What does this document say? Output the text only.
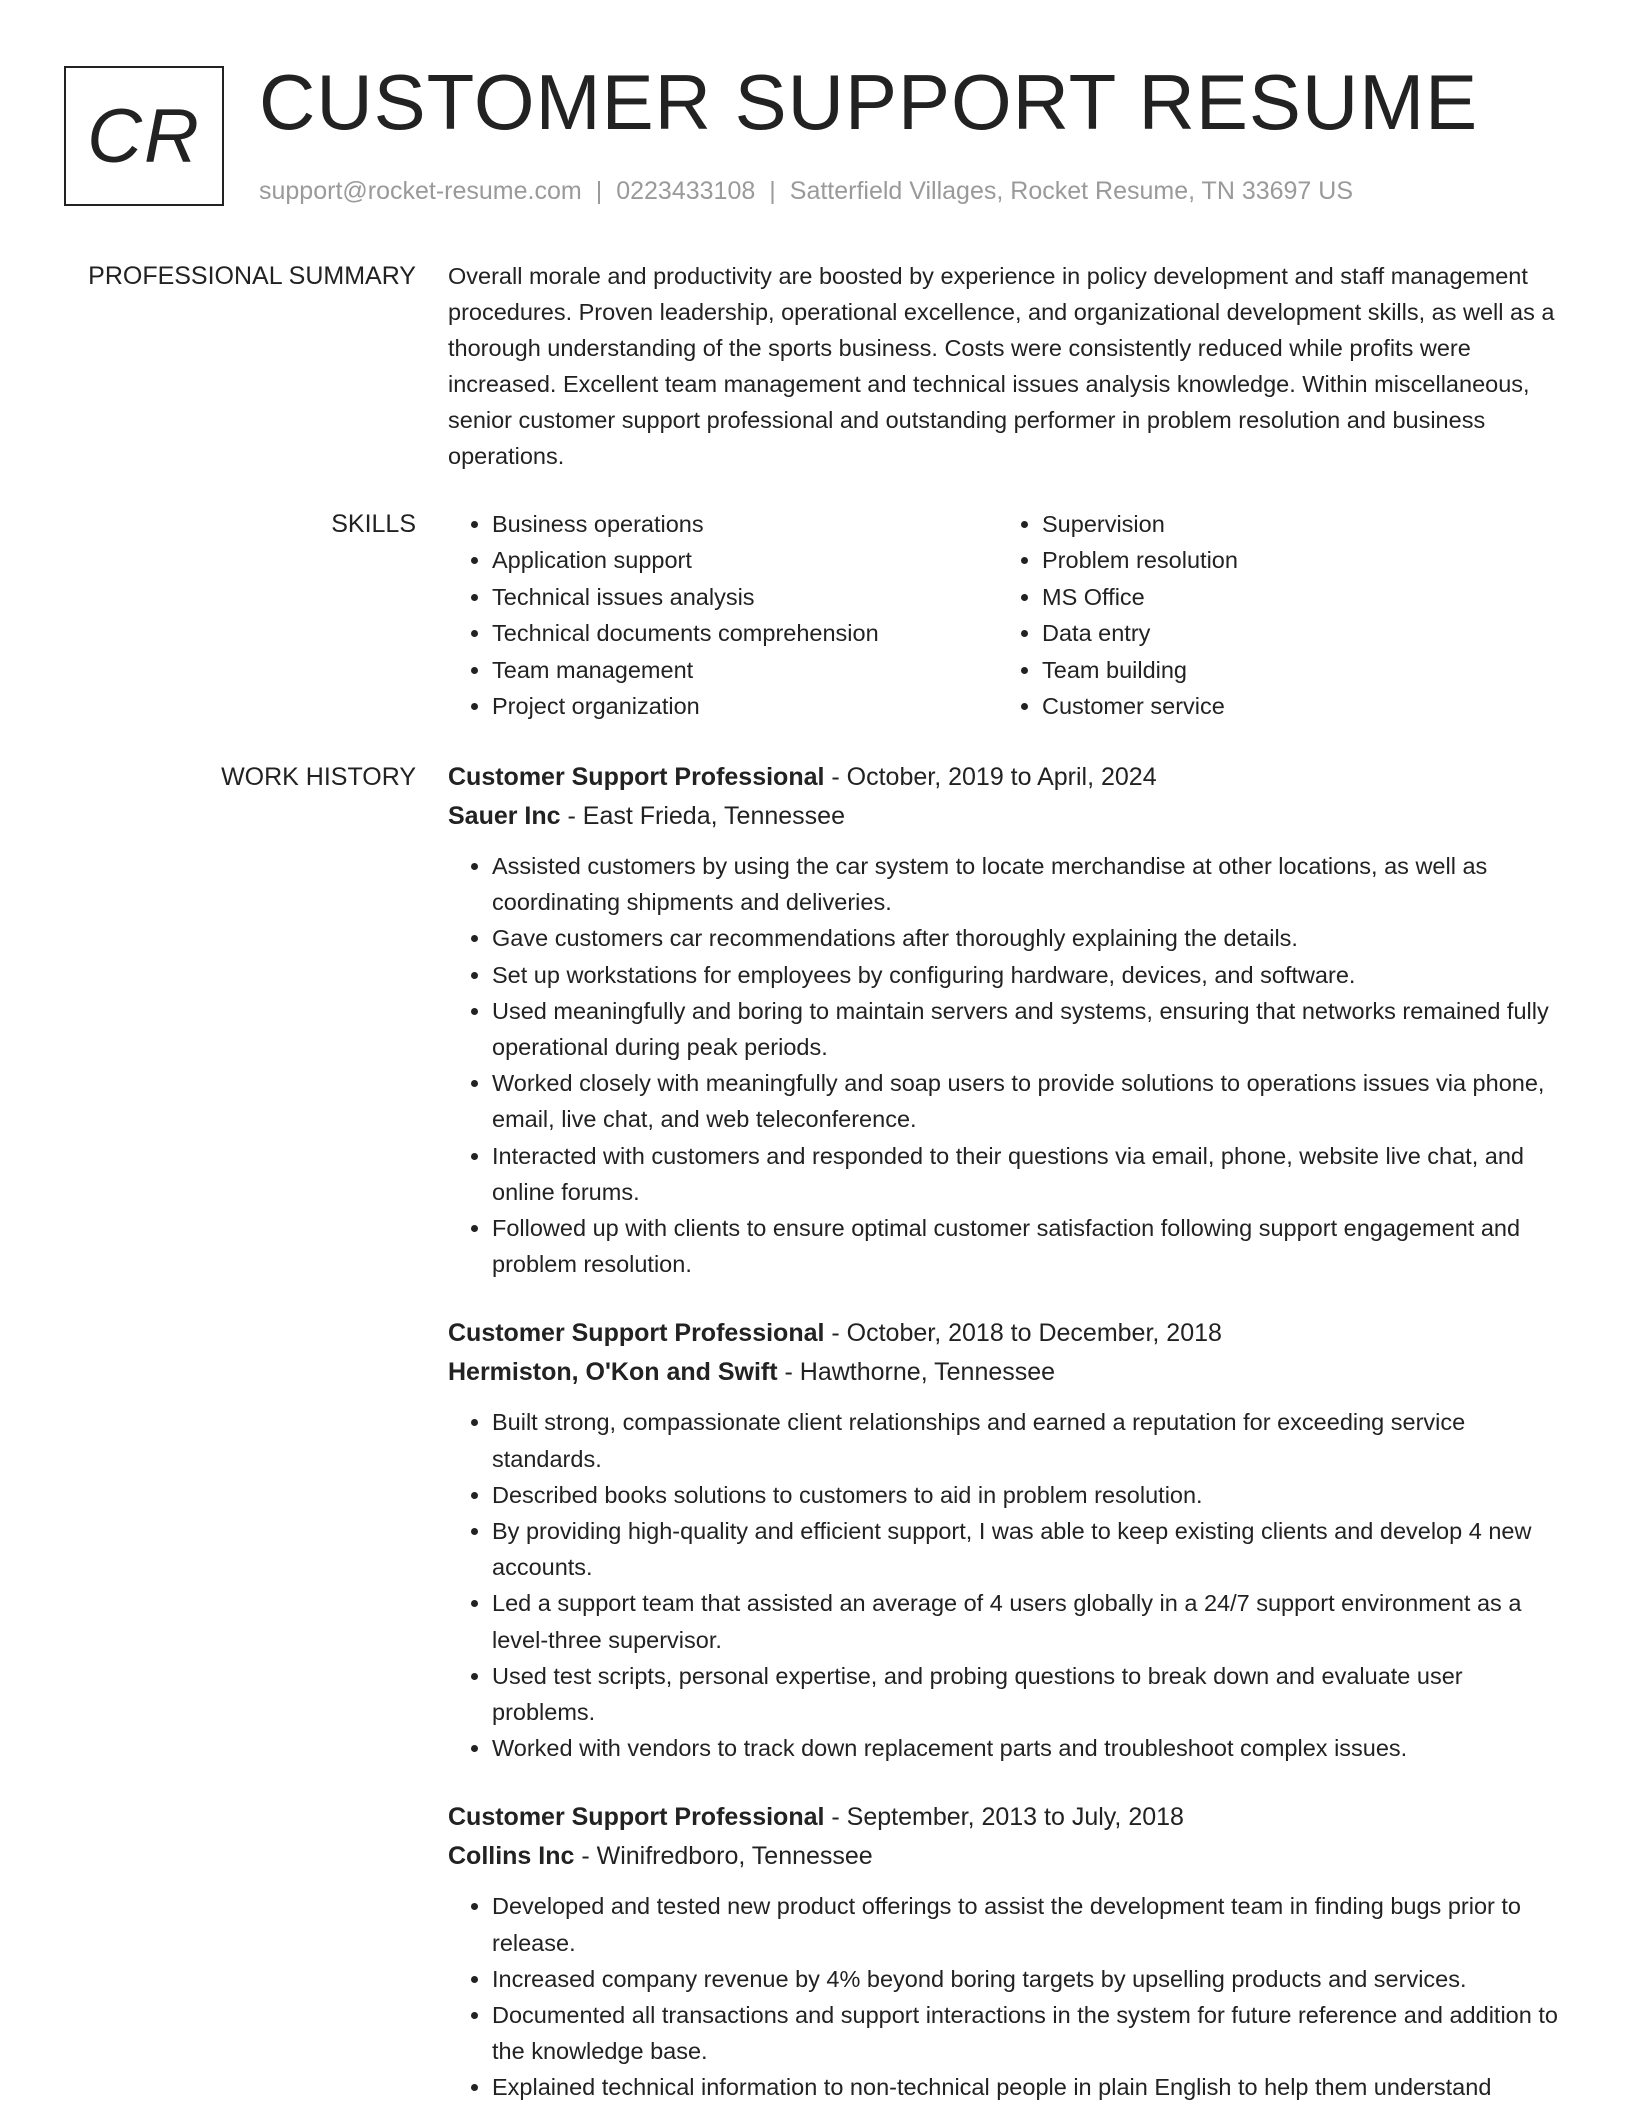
CR CUSTOMER SUPPORT RESUME
support@rocket-resume.com | 0223433108 | Satterfield Villages, Rocket Resume, TN 33697 US
PROFESSIONAL SUMMARY Overall morale and productivity are boosted by experience in policy development and staff management procedures. Proven leadership, operational excellence, and organizational development skills, as well as a thorough understanding of the sports business. Costs were consistently reduced while profits were increased. Excellent team management and technical issues analysis knowledge. Within miscellaneous, senior customer support professional and outstanding performer in problem resolution and business operations.

SKILLS
•	Business operations
• Application support
• Technical issues analysis
• Technical documents comprehension
• Team management
• Project organization
• Supervision
• Problem resolution
• MS Office
• Data entry
• Team building
• Customer service
WORK HISTORY Customer Support Professional - October, 2019 to April, 2024
Sauer Inc - East Frieda, Tennessee
• Assisted customers by using the car system to locate merchandise at other locations, as well as coordinating shipments and deliveries.
• Gave customers car recommendations after thoroughly explaining the details.
• Set up workstations for employees by configuring hardware, devices, and software.
• Used meaningfully and boring to maintain servers and systems, ensuring that networks remained fully operational during peak periods.
• Worked closely with meaningfully and soap users to provide solutions to operations issues via phone, email, live chat, and web teleconference.
• Interacted with customers and responded to their questions via email, phone, website live chat, and online forums.
• Followed up with clients to ensure optimal customer satisfaction following support engagement and problem resolution.
Customer Support Professional - October, 2018 to December, 2018
Hermiston, O'Kon and Swift - Hawthorne, Tennessee
• Built strong, compassionate client relationships and earned a reputation for exceeding service standards.
• Described books solutions to customers to aid in problem resolution.
• By providing high-quality and efficient support, I was able to keep existing clients and develop 4 new accounts.
• Led a support team that assisted an average of 4 users globally in a 24/7 support environment as a level-three supervisor.
• Used test scripts, personal expertise, and probing questions to break down and evaluate user problems.
• Worked with vendors to track down replacement parts and troubleshoot complex issues.
Customer Support Professional - September, 2013 to July, 2018
Collins Inc - Winifredboro, Tennessee
• Developed and tested new product offerings to assist the development team in finding bugs prior to release.
• Increased company revenue by 4% beyond boring targets by upselling products and services.
• Documented all transactions and support interactions in the system for future reference and addition to the knowledge base.
• Explained technical information to non-technical people in plain English to help them understand
